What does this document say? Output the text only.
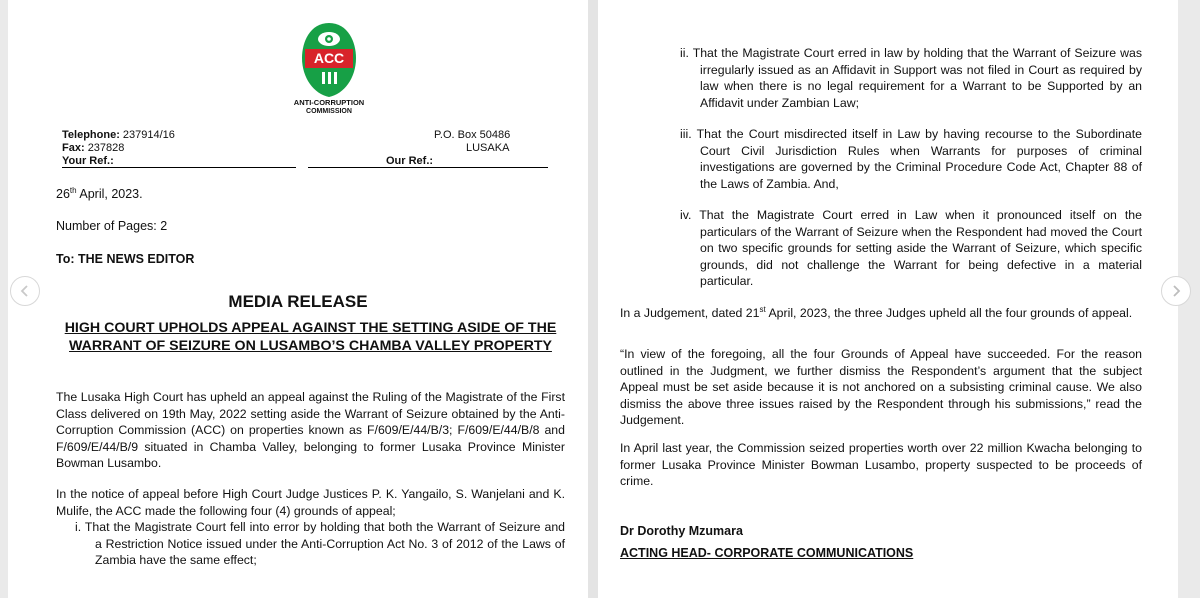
ACC
ANTI-CORRUPTION
COMMISSION
Telephone: 237914/16
Fax: 237828
Your Ref.:
P.O. Box 50486
LUSAKA
Our Ref.:
26th April, 2023.
Number of Pages: 2
To: THE NEWS EDITOR
MEDIA RELEASE
HIGH COURT UPHOLDS APPEAL AGAINST THE SETTING ASIDE OF THE WARRANT OF SEIZURE ON LUSAMBO’S CHAMBA VALLEY PROPERTY
The Lusaka High Court has upheld an appeal against the Ruling of the Magistrate of the First Class delivered on 19th May, 2022 setting aside the Warrant of Seizure obtained by the Anti-Corruption Commission (ACC) on properties known as F/609/E/44/B/3; F/609/E/44/B/8 and F/609/E/44/B/9 situated in Chamba Valley, belonging to former Lusaka Province Minister Bowman Lusambo.
In the notice of appeal before High Court Judge Justices P. K. Yangailo, S. Wanjelani and K. Mulife, the ACC made the following four (4) grounds of appeal;
i. That the Magistrate Court fell into error by holding that both the Warrant of Seizure and a Restriction Notice issued under the Anti-Corruption Act No. 3 of 2012 of the Laws of Zambia have the same effect;
ii. That the Magistrate Court erred in law by holding that the Warrant of Seizure was irregularly issued as an Affidavit in Support was not filed in Court as required by law when there is no legal requirement for a Warrant to be Supported by an Affidavit under Zambian Law;
iii. That the Court misdirected itself in Law by having recourse to the Subordinate Court Civil Jurisdiction Rules when Warrants for purposes of criminal investigations are governed by the Criminal Procedure Code Act, Chapter 88 of the Laws of Zambia. And,
iv. That the Magistrate Court erred in Law when it pronounced itself on the particulars of the Warrant of Seizure when the Respondent had moved the Court on two specific grounds for setting aside the Warrant of Seizure, which specific grounds, did not challenge the Warrant for being defective in a material particular.
In a Judgement, dated 21st April, 2023, the three Judges upheld all the four grounds of appeal.
“In view of the foregoing, all the four Grounds of Appeal have succeeded. For the reason outlined in the Judgment, we further dismiss the Respondent’s argument that the subject Appeal must be set aside because it is not anchored on a subsisting criminal cause. We also dismiss the above three issues raised by the Respondent through his submissions,” read the Judgement.
In April last year, the Commission seized properties worth over 22 million Kwacha belonging to former Lusaka Province Minister Bowman Lusambo, property suspected to be proceeds of crime.
Dr Dorothy Mzumara
ACTING HEAD- CORPORATE COMMUNICATIONS
